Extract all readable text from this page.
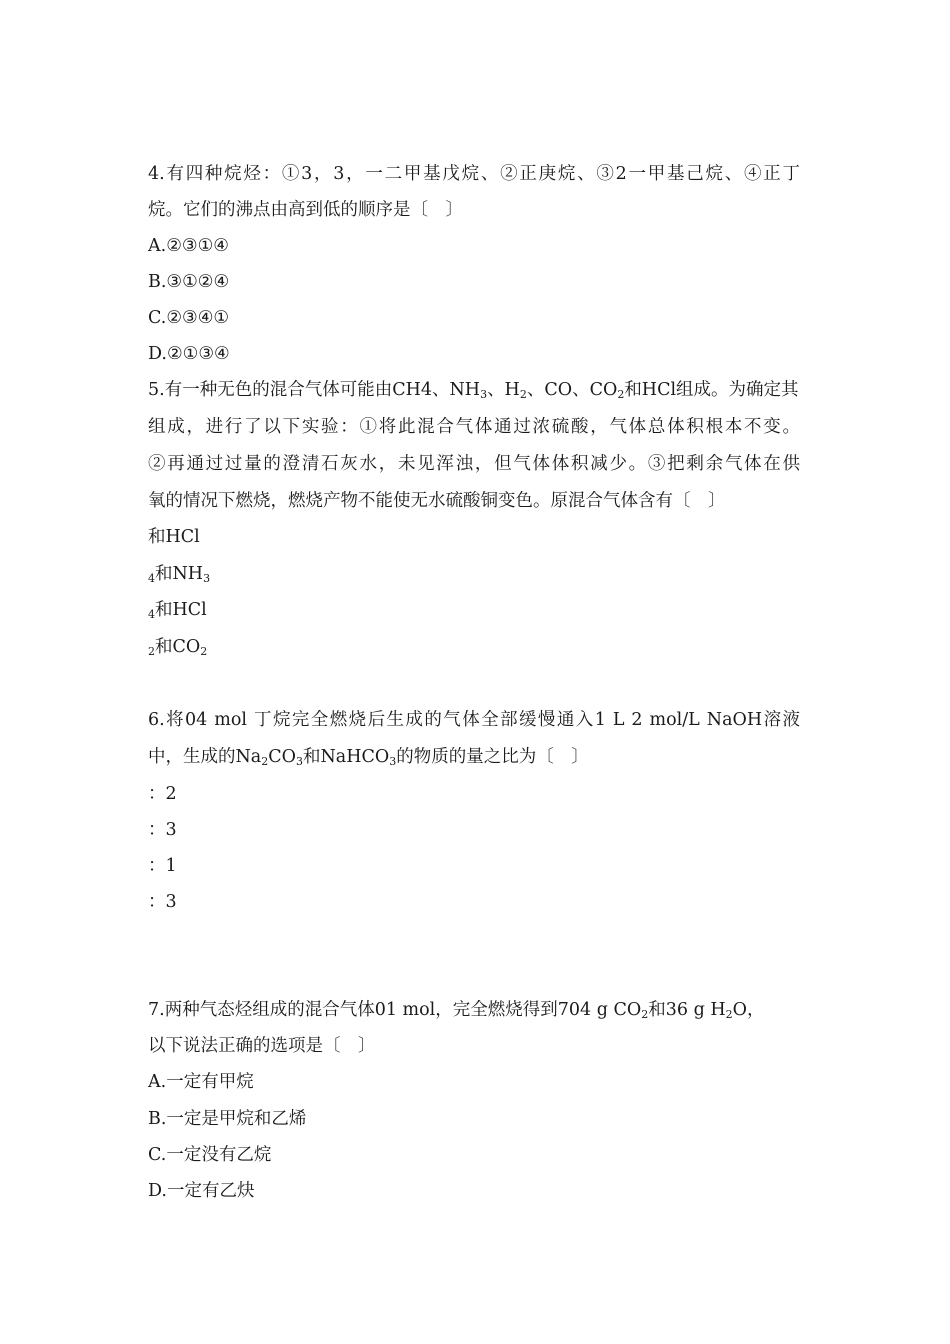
4.有四种烷烃：①3，3，一二甲基戊烷、②正庚烷、③2一甲基己烷、④正丁
烷。它们的沸点由高到低的顺序是〔　〕
A.②③①④
B.③①②④
C.②③④①
D.②①③④
5.有一种无色的混合气体可能由CH4、$NH_3$、$H_2$、CO、$CO_2$和HCl组成。为确定其
组成，进行了以下实验：①将此混合气体通过浓硫酸，气体总体积根本不变。
②再通过过量的澄清石灰水，未见浑浊，但气体体积减少。③把剩余气体在供
氧的情况下燃烧，燃烧产物不能使无水硫酸铜变色。原混合气体含有〔　〕
和HCl
$_4$和$NH_3$
$_4$和HCl
$_2$和$CO_2$
6.将04 mol 丁烷完全燃烧后生成的气体全部缓慢通入1 L 2 mol/L NaOH溶液
中，生成的$Na_2CO_3$和NaHCO$_3$的物质的量之比为〔　〕
：2
：3
：1
：3
7.两种气态烃组成的混合气体01 mol，完全燃烧得到704 g $CO_2$和36 g $H_2O$，
以下说法正确的选项是〔　〕
A.一定有甲烷
B.一定是甲烷和乙烯
C.一定没有乙烷
D.一定有乙炔
